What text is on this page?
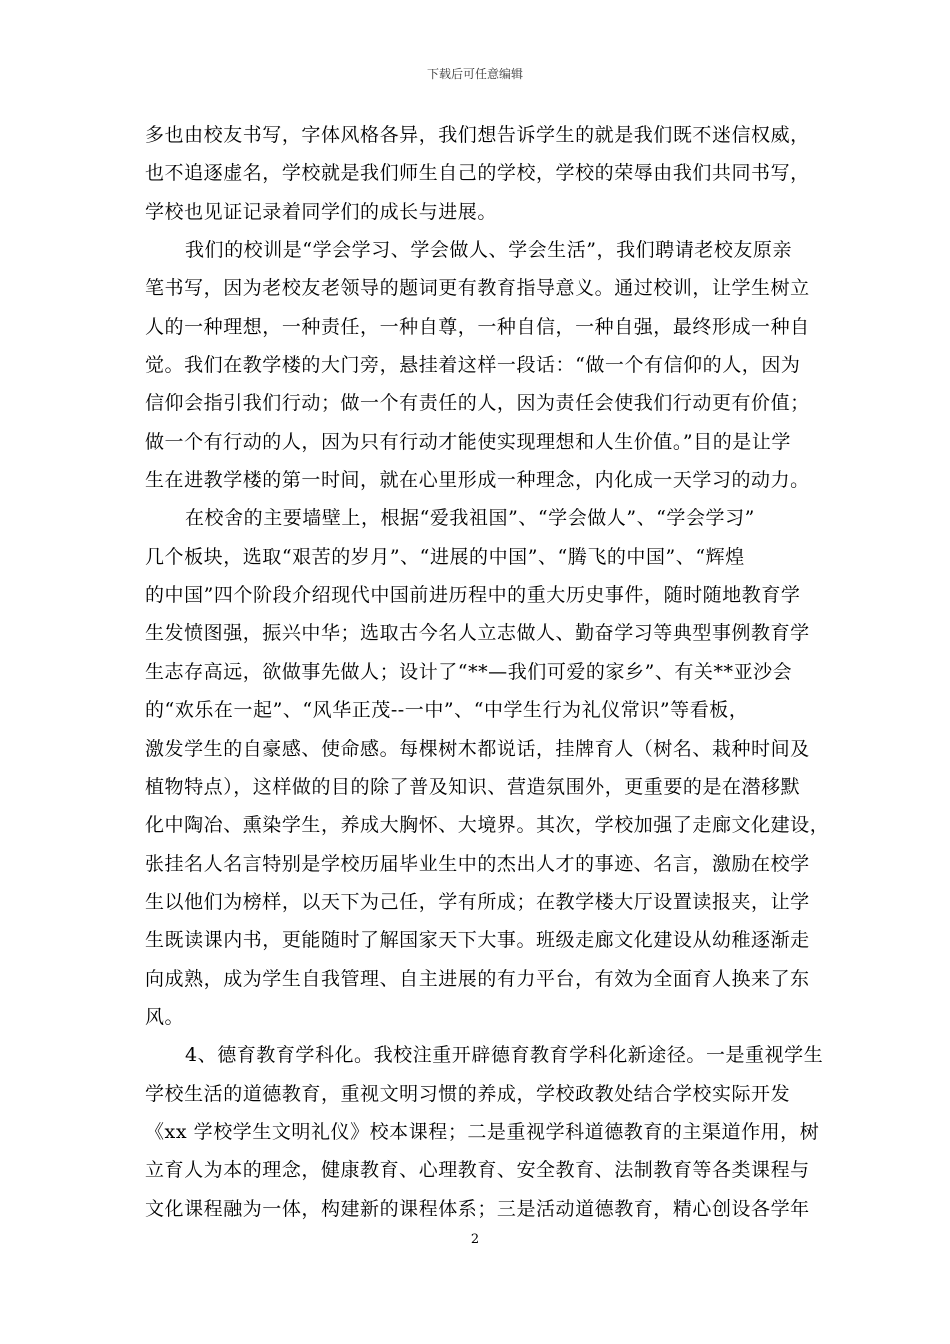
下载后可任意编辑
多也由校友书写，字体风格各异，我们想告诉学生的就是我们既不迷信权威，
也不追逐虚名，学校就是我们师生自己的学校，学校的荣辱由我们共同书写，
学校也见证记录着同学们的成长与进展。
我们的校训是“学会学习、学会做人、学会生活”，我们聘请老校友原亲
笔书写，因为老校友老领导的题词更有教育指导意义。通过校训，让学生树立
人的一种理想，一种责任，一种自尊，一种自信，一种自强，最终形成一种自
觉。我们在教学楼的大门旁，悬挂着这样一段话：“做一个有信仰的人，因为
信仰会指引我们行动；做一个有责任的人，因为责任会使我们行动更有价值；
做一个有行动的人，因为只有行动才能使实现理想和人生价值。”目的是让学
生在进教学楼的第一时间，就在心里形成一种理念，内化成一天学习的动力。
在校舍的主要墙壁上，根据“爱我祖国”、“学会做人”、“学会学习”
几个板块，选取“艰苦的岁月”、“进展的中国”、“腾飞的中国”、“辉煌
的中国”四个阶段介绍现代中国前进历程中的重大历史事件，随时随地教育学
生发愤图强，振兴中华；选取古今名人立志做人、勤奋学习等典型事例教育学
生志存高远，欲做事先做人；设计了“**—我们可爱的家乡”、有关**亚沙会
的“欢乐在一起”、“风华正茂--一中”、“中学生行为礼仪常识”等看板，
激发学生的自豪感、使命感。每棵树木都说话，挂牌育人（树名、栽种时间及
植物特点），这样做的目的除了普及知识、营造氛围外，更重要的是在潜移默
化中陶冶、熏染学生，养成大胸怀、大境界。其次，学校加强了走廊文化建设，
张挂名人名言特别是学校历届毕业生中的杰出人才的事迹、名言，激励在校学
生以他们为榜样，以天下为己任，学有所成；在教学楼大厅设置读报夹，让学
生既读课内书，更能随时了解国家天下大事。班级走廊文化建设从幼稚逐渐走
向成熟，成为学生自我管理、自主进展的有力平台，有效为全面育人换来了东
风。
4、德育教育学科化。我校注重开辟德育教育学科化新途径。一是重视学生
学校生活的道德教育，重视文明习惯的养成，学校政教处结合学校实际开发
《xx 学校学生文明礼仪》校本课程；二是重视学科道德教育的主渠道作用，树
立育人为本的理念，健康教育、心理教育、安全教育、法制教育等各类课程与
文化课程融为一体，构建新的课程体系；三是活动道德教育，精心创设各学年
2
